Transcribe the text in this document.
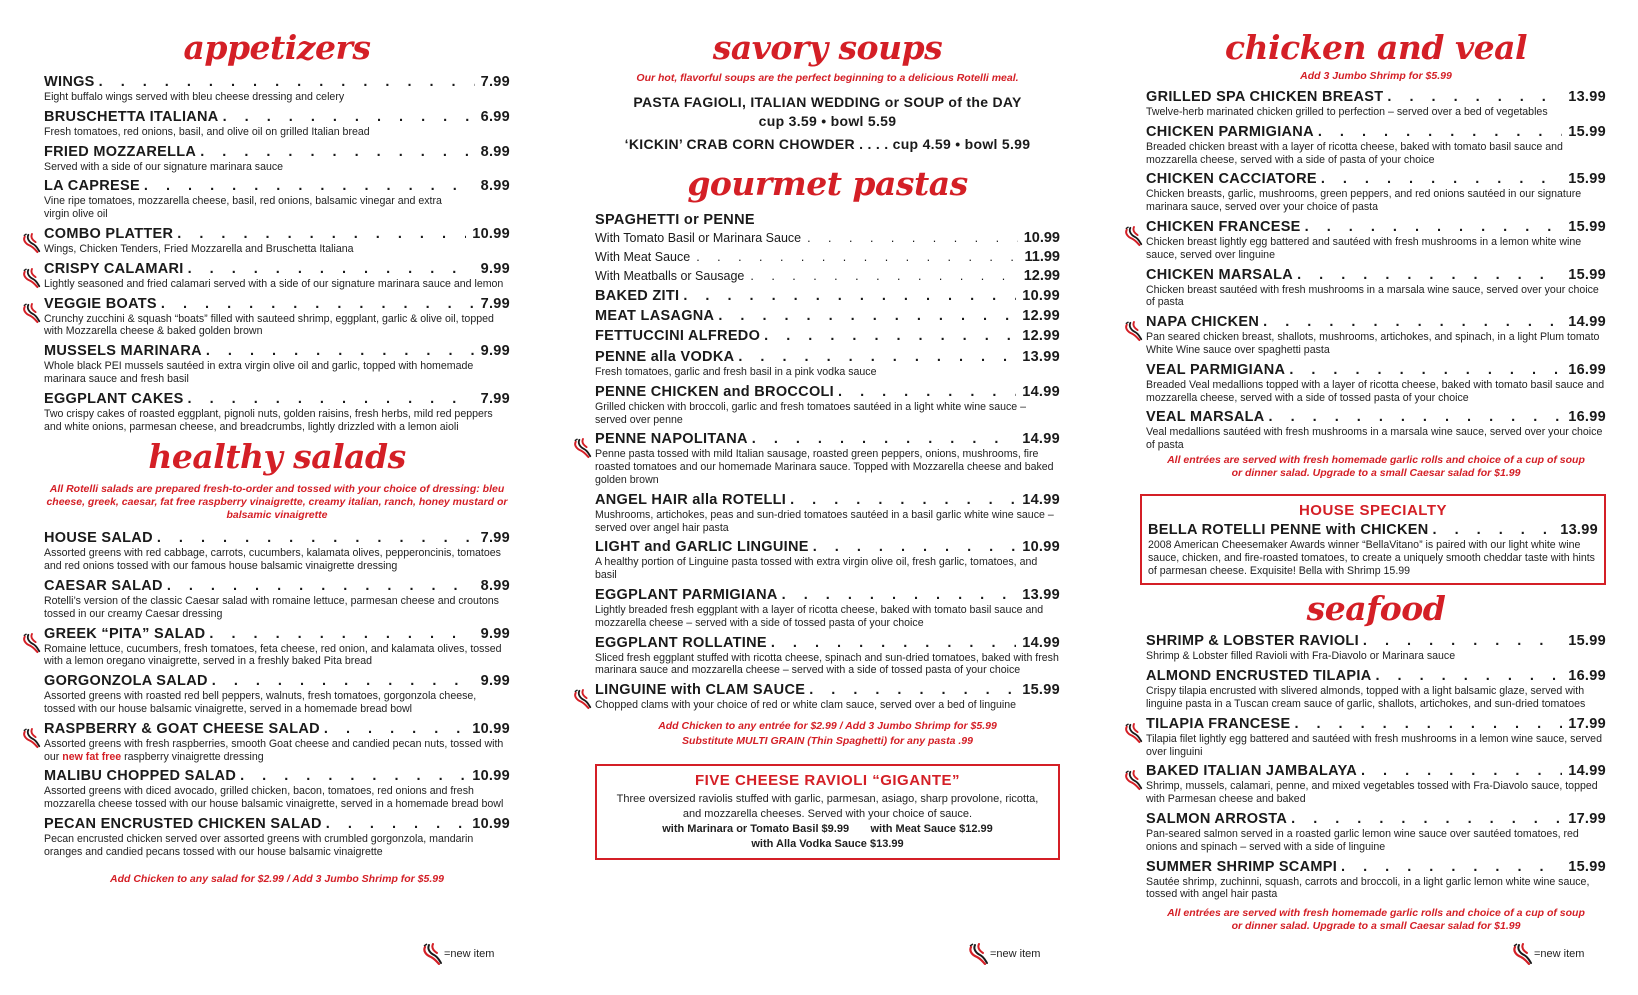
appetizers
WINGS . . .	7.99
Eight buffalo wings served with bleu cheese dressing and celery
BRUSCHETTA ITALIANA . . .	6.99
Fresh tomatoes, red onions, basil, and olive oil on grilled Italian bread
FRIED MOZZARELLA . . .	8.99
Served with a side of our signature marinara sauce
LA CAPRESE . . .	8.99
Vine ripe tomatoes, mozzarella cheese, basil, red onions, balsamic vinegar and extra virgin olive oil
COMBO PLATTER . . .	10.99
Wings, Chicken Tenders, Fried Mozzarella and Bruschetta Italiana
CRISPY CALAMARI . . .	9.99
Lightly seasoned and fried calamari served with a side of our signature marinara sauce and lemon
VEGGIE BOATS . . .	7.99
Crunchy zucchini & squash “boats” filled with sauteed shrimp, eggplant, garlic & olive oil, topped with Mozzarella cheese & baked golden brown
MUSSELS MARINARA . . .	9.99
Whole black PEI mussels sautéed in extra virgin olive oil and garlic, topped with homemade marinara sauce and fresh basil
EGGPLANT CAKES . . .	7.99
Two crispy cakes of roasted eggplant, pignoli nuts, golden raisins, fresh herbs, mild red peppers and white onions, parmesan cheese, and breadcrumbs, lightly drizzled with a lemon aioli
healthy salads

All Rotelli salads are prepared fresh-to-order and tossed with your choice of dressing: bleu cheese, greek, caesar, fat free raspberry vinaigrette, creamy italian, ranch, honey mustard or balsamic vinaigrette

HOUSE SALAD . . .	7.99
Assorted greens with red cabbage, carrots, cucumbers, kalamata olives, pepperoncinis, tomatoes and red onions tossed with our famous house balsamic vinaigrette dressing
CAESAR SALAD . . .	8.99
Rotelli’s version of the classic Caesar salad with romaine lettuce, parmesan cheese and croutons tossed in our creamy Caesar dressing
GREEK “PITA” SALAD . . .	9.99
Romaine lettuce, cucumbers, fresh tomatoes, feta cheese, red onion, and kalamata olives, tossed with a lemon oregano vinaigrette, served in a freshly baked Pita bread
GORGONZOLA SALAD . . .	9.99
Assorted greens with roasted red bell peppers, walnuts, fresh tomatoes, gorgonzola cheese, tossed with our house balsamic vinaigrette, served in a homemade bread bowl
RASPBERRY & GOAT CHEESE SALAD . . .	10.99
Assorted greens with fresh raspberries, smooth Goat cheese and candied pecan nuts, tossed with our new fat free raspberry vinaigrette dressing
MALIBU CHOPPED SALAD . . .	10.99
Assorted greens with diced avocado, grilled chicken, bacon, tomatoes, red onions and fresh mozzarella cheese tossed with our house balsamic vinaigrette, served in a homemade bread bowl
PECAN ENCRUSTED CHICKEN SALAD . . .	10.99
Pecan encrusted chicken served over assorted greens with crumbled gorgonzola, mandarin oranges and candied pecans tossed with our house balsamic vinaigrette

Add Chicken to any salad for $2.99 / Add 3 Jumbo Shrimp for $5.99

savory soups

Our hot, flavorful soups are the perfect beginning to a delicious Rotelli meal.

PASTA FAGIOLI, ITALIAN WEDDING or SOUP of the DAY
cup 3.59 • bowl 5.59
‘KICKIN’ CRAB CORN CHOWDER . . . . cup 4.59 • bowl 5.99
gourmet pastas
SPAGHETTI or PENNE
With Tomato Basil or Marinara Sauce . . .	10.99
With Meat Sauce . . .	11.99
With Meatballs or Sausage . . .	12.99
BAKED ZITI . . .	10.99
MEAT LASAGNA . . .	12.99
FETTUCCINI ALFREDO . . .	12.99
PENNE alla VODKA . . .	13.99
Fresh tomatoes, garlic and fresh basil in a pink vodka sauce
PENNE CHICKEN and BROCCOLI . . .	14.99
Grilled chicken with broccoli, garlic and fresh tomatoes sautéed in a light white wine sauce – served over penne
PENNE NAPOLITANA . . .	14.99
Penne pasta tossed with mild Italian sausage, roasted green peppers, onions, mushrooms, fire roasted tomatoes and our homemade Marinara sauce. Topped with Mozzarella cheese and baked golden brown
ANGEL HAIR alla ROTELLI . . .	14.99
Mushrooms, artichokes, peas and sun-dried tomatoes sautéed in a basil garlic white wine sauce – served over angel hair pasta
LIGHT and GARLIC LINGUINE . . .	10.99
A healthy portion of Linguine pasta tossed with extra virgin olive oil, fresh garlic, tomatoes, and basil
EGGPLANT PARMIGIANA . . .	13.99
Lightly breaded fresh eggplant with a layer of ricotta cheese, baked with tomato basil sauce and mozzarella cheese – served with a side of tossed pasta of your choice
EGGPLANT ROLLATINE . . .	14.99
Sliced fresh eggplant stuffed with ricotta cheese, spinach and sun-dried tomatoes, baked with fresh marinara sauce and mozzarella cheese – served with a side of tossed pasta of your choice
LINGUINE with CLAM SAUCE . . .	15.99
Chopped clams with your choice of red or white clam sauce, served over a bed of linguine

Add Chicken to any entrée for $2.99 / Add 3 Jumbo Shrimp for $5.99

Substitute MULTI GRAIN (Thin Spaghetti) for any pasta .99

FIVE CHEESE RAVIOLI “GIGANTE”
Three oversized raviolis stuffed with garlic, parmesan, asiago, sharp provolone, ricotta, and mozzarella cheeses. Served with your choice of sauce.
with Marinara or Tomato Basil $9.99       with Meat Sauce $12.99
with Alla Vodka Sauce $13.99
chicken and veal

Add 3 Jumbo Shrimp for $5.99

GRILLED SPA CHICKEN BREAST . . .	13.99
Twelve-herb marinated chicken grilled to perfection – served over a bed of vegetables
CHICKEN PARMIGIANA . . .	15.99
Breaded chicken breast with a layer of ricotta cheese, baked with tomato basil sauce and mozzarella cheese, served with a side of pasta of your choice
CHICKEN CACCIATORE . . .	15.99
Chicken breasts, garlic, mushrooms, green peppers, and red onions sautéed in our signature marinara sauce, served over your choice of pasta
CHICKEN FRANCESE . . .	15.99
Chicken breast lightly egg battered and sautéed with fresh mushrooms in a lemon white wine sauce, served over linguine
CHICKEN MARSALA . . .	15.99
Chicken breast sautéed with fresh mushrooms in a marsala wine sauce, served over your choice of pasta
NAPA CHICKEN . . .	14.99
Pan seared chicken breast, shallots, mushrooms, artichokes, and spinach, in a light Plum tomato White Wine sauce over spaghetti pasta
VEAL PARMIGIANA . . .	16.99
Breaded Veal medallions topped with a layer of ricotta cheese, baked with tomato basil sauce and mozzarella cheese, served with a side of tossed pasta of your choice
VEAL MARSALA . . .	16.99
Veal medallions sautéed with fresh mushrooms in a marsala wine sauce, served over your choice of pasta

All entrées are served with fresh homemade garlic rolls and choice of a cup of soup or dinner salad. Upgrade to a small Caesar salad for $1.99

HOUSE SPECIALTY
BELLA ROTELLI PENNE with CHICKEN . . .	13.99
2008 American Cheesemaker Awards winner “BellaVitano” is paired with our light white wine sauce, chicken, and fire-roasted tomatoes, to create a uniquely smooth cheddar taste with hints of parmesan cheese. Exquisite! Bella with Shrimp 15.99
seafood
SHRIMP & LOBSTER RAVIOLI . . .	15.99
Shrimp & Lobster filled Ravioli with Fra-Diavolo or Marinara sauce
ALMOND ENCRUSTED TILAPIA . . .	16.99
Crispy tilapia encrusted with slivered almonds, topped with a light balsamic glaze, served with linguine pasta in a Tuscan cream sauce of garlic, shallots, artichokes, and sun-dried tomatoes
TILAPIA FRANCESE . . .	17.99
Tilapia filet lightly egg battered and sautéed with fresh mushrooms in a lemon wine sauce, served over linguini
BAKED ITALIAN JAMBALAYA . . .	14.99
Shrimp, mussels, calamari, penne, and mixed vegetables tossed with Fra-Diavolo sauce, topped with Parmesan cheese and baked
SALMON ARROSTA . . .	17.99
Pan-seared salmon served in a roasted garlic lemon wine sauce over sautéed tomatoes, red onions and spinach – served with a side of linguine
SUMMER SHRIMP SCAMPI . . .	15.99
Sautée shrimp, zuchinni, squash, carrots and broccoli, in a light garlic lemon white wine sauce, tossed with angel hair pasta

All entrées are served with fresh homemade garlic rolls and choice of a cup of soup or dinner salad. Upgrade to a small Caesar salad for $1.99

=new item	=new item	=new item
